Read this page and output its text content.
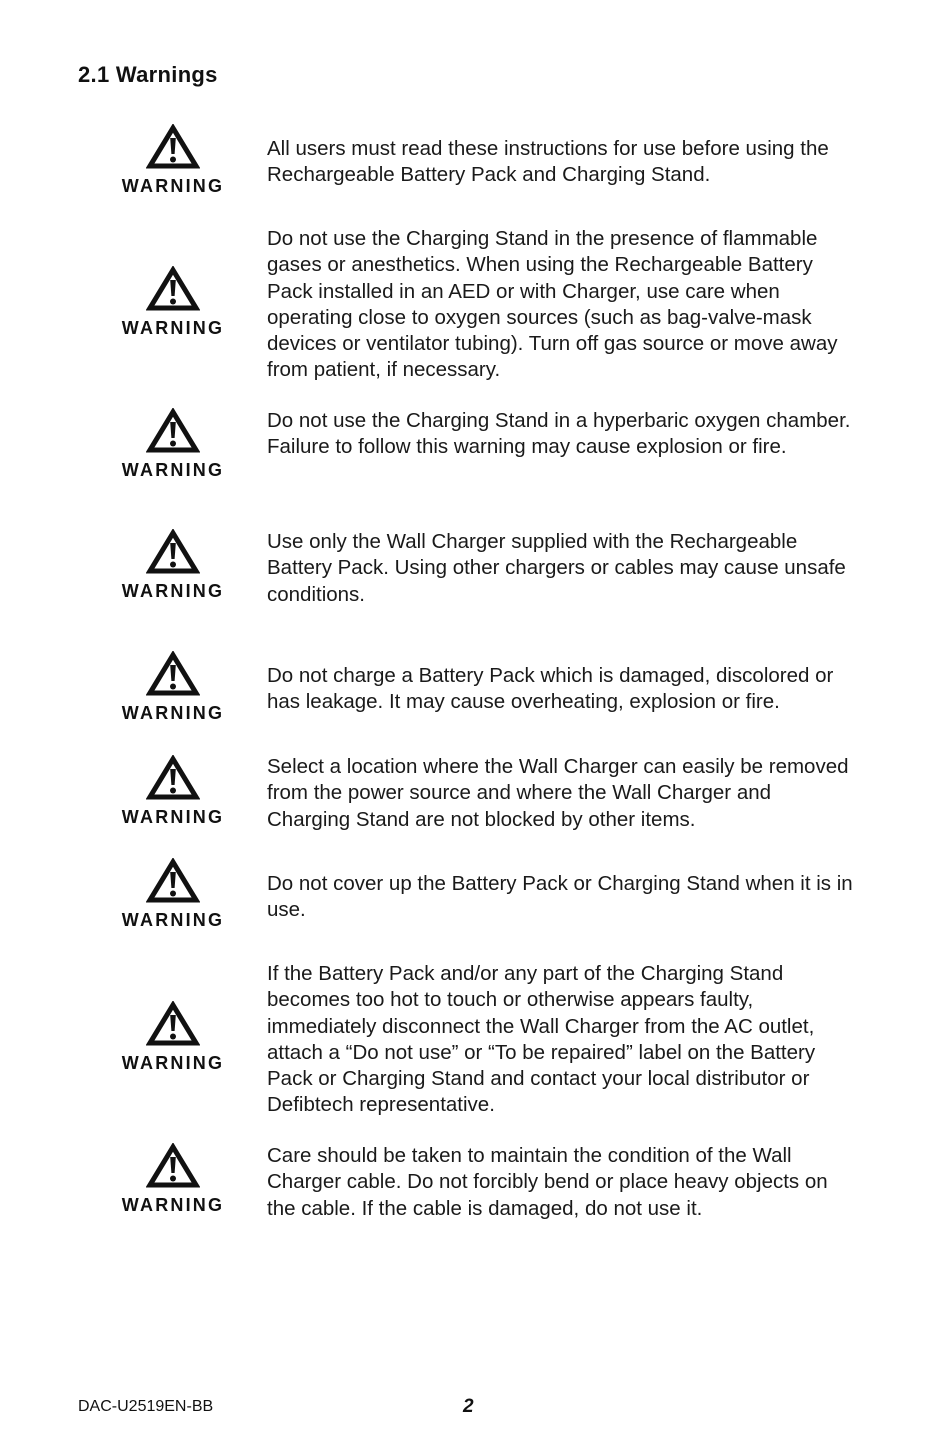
2.1 Warnings
WARNING

All users must read these instructions for use before using the Rechargeable Battery Pack and Charging Stand.

WARNING

Do not use the Charging Stand in the presence of flammable gases or anesthetics. When using the Rechargeable Battery Pack installed in an AED or with Charger, use care when operating close to oxygen sources (such as bag-valve-mask devices or ventilator tubing). Turn off gas source or move away from patient, if necessary.

WARNING

Do not use the Charging Stand in a hyperbaric oxygen chamber. Failure to follow this warning may cause explosion or fire.

WARNING

Use only the Wall Charger supplied with the Rechargeable Battery Pack. Using other chargers or cables may cause unsafe conditions.

WARNING

Do not charge a Battery Pack which is damaged, discolored or has leakage. It may cause overheating, explosion or fire.

WARNING

Select a location where the Wall Charger can easily be removed from the power source and where the Wall Charger and Charging Stand are not blocked by other items.

WARNING

Do not cover up the Battery Pack or Charging Stand when it is in use.

WARNING

If the Battery Pack and/or any part of the Charging Stand becomes too hot to touch or otherwise appears faulty, immediately disconnect the Wall Charger from the AC outlet, attach a “Do not use” or “To be repaired” label on the Battery Pack or Charging Stand and contact your local distributor or Defibtech representative.

WARNING

Care should be taken to maintain the condition of the Wall Charger cable. Do not forcibly bend or place heavy objects on the cable. If the cable is damaged, do not use it.

DAC-U2519EN-BB	2
